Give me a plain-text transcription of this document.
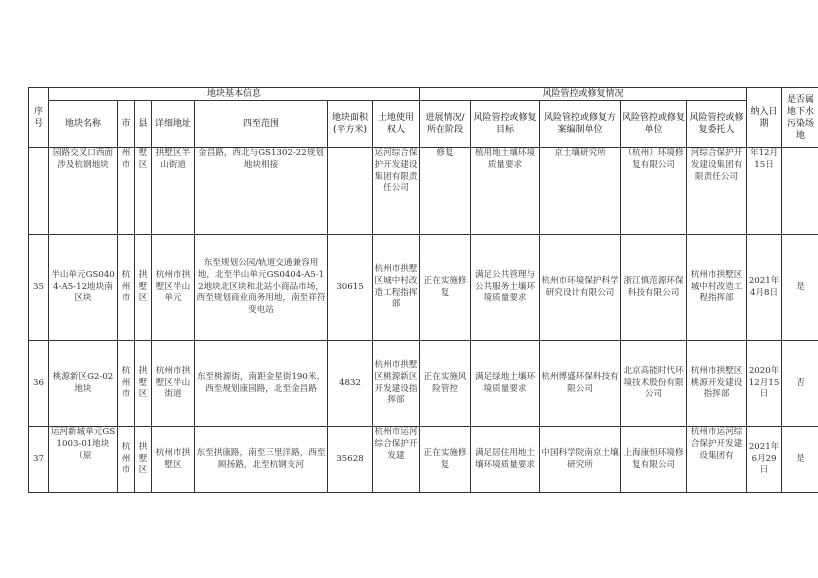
序号	地块基本信息							风险管控或修复情况					纳入日期	是否属地下水污染场地
	地块名称	市	县	详细地址	四至范围	地块面积(平方米)	土地使用权人	进展情况/所在阶段	风险管控或修复目标	风险管控或修复方案编制单位	风险管控或修复单位	风险管控或修复委托人		
	园路交叉口西面涉及杭钢地块	州市	墅区	拱墅区半山街道	金昌路，西北与GS1302-22规划地块相接		运河综合保护开发建设集团有限责任公司	修复	植用地土壤环境质量要求	京土壤研究所	（杭州）环境修复有限公司	河综合保护开发建设集团有限责任公司	年12月15日	
35	半山单元GS0404-A5-12地块南区块	杭州市	拱墅区	杭州市拱墅区半山单元	东至规划公园/轨道交通兼容用地，北至半山单元GS0404-A5-12地块北区块和北站小商品市场，西至规划商业商务用地，南至祥符变电站	30615	杭州市拱墅区城中村改造工程指挥部	正在实施修复	满足公共管理与公共服务土壤环境质量要求	杭州市环境保护科学研究设计有限公司	浙江慎范源环保科技有限公司	杭州市拱墅区城中村改造工程指挥部	2021年4月8日	是
36	桃源新区G2-02地块	杭州市	拱墅区	杭州市拱墅区半山街道	东至桃源街，南距金星街190米，西至规划康园路，北至金昌路	4832	杭州市拱墅区桃源新区开发建设指挥部	正在实施风险管控	满足绿地土壤环境质量要求	杭州博盛环保科技有限公司	北京高能时代环境技术股份有限公司	杭州市拱墅区桃源开发建设指挥部	2020年12月15日	否
37	运河新城单元GS1003-01地块（原	杭州市	拱墅区	杭州市拱墅区	东至拱康路，南至三里洋路，西至顾扬路，北至杭钢支河	35628	杭州市运河综合保护开发建	正在实施修复	满足居住用地土壤环境质量要求	中国科学院南京土壤研究所	上海康恒环境修复有限公司	杭州市运河综合保护开发建设集团有	2021年6月29日	是
